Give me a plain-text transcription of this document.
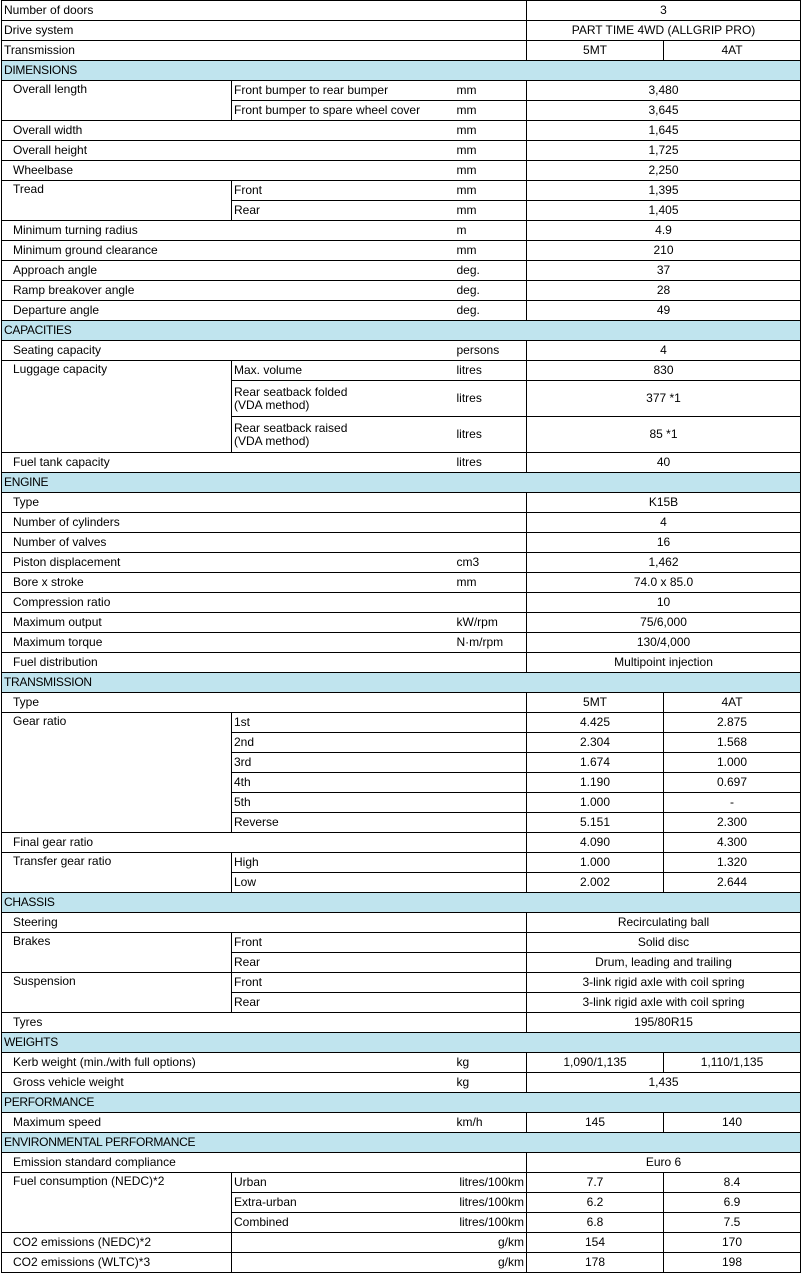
Number of doors			3	
Drive system			PART TIME 4WD (ALLGRIP PRO)	
Transmission			5MT	4AT
DIMENSIONS				
Overall length	Front bumper to rear bumper	mm	3,480	
	Front bumper to spare wheel cover	mm	3,645	
Overall width		mm	1,645	
Overall height		mm	1,725	
Wheelbase		mm	2,250	
Tread	Front	mm	1,395	
	Rear	mm	1,405	
Minimum turning radius		m	4.9	
Minimum ground clearance		mm	210	
Approach angle		deg.	37	
Ramp breakover angle		deg.	28	
Departure angle		deg.	49	
CAPACITIES				
Seating capacity		persons	4	
Luggage capacity	Max. volume	litres	830	
	Rear seatback folded
(VDA method)	litres	377 *1	
	Rear seatback raised
(VDA method)	litres	85 *1	
Fuel tank capacity		litres	40	
ENGINE				
Type			K15B	
Number of cylinders			4	
Number of valves			16	
Piston displacement		cm3	1,462	
Bore x stroke		mm	74.0 x 85.0	
Compression ratio			10	
Maximum output		kW/rpm	75/6,000	
Maximum torque		N·m/rpm	130/4,000	
Fuel distribution			Multipoint injection	
TRANSMISSION				
Type			5MT	4AT
Gear ratio	1st		4.425	2.875
	2nd		2.304	1.568
	3rd		1.674	1.000
	4th		1.190	0.697
	5th		1.000	-
	Reverse		5.151	2.300
Final gear ratio			4.090	4.300
Transfer gear ratio	High		1.000	1.320
	Low		2.002	2.644
CHASSIS				
Steering			Recirculating ball	
Brakes	Front		Solid disc	
	Rear		Drum, leading and trailing	
Suspension	Front		3-link rigid axle with coil spring	
	Rear		3-link rigid axle with coil spring	
Tyres			195/80R15	
WEIGHTS				
Kerb weight (min./with full options)		kg	1,090/1,135	1,110/1,135
Gross vehicle weight		kg	1,435	
PERFORMANCE				
Maximum speed		km/h	145	140
ENVIRONMENTAL PERFORMANCE				
Emission standard compliance			Euro 6	
Fuel consumption (NEDC)*2	Urban	litres/100km	7.7	8.4
	Extra-urban	litres/100km	6.2	6.9
	Combined	litres/100km	6.8	7.5
CO2 emissions (NEDC)*2	g/km		154	170
CO2 emissions (WLTC)*3	g/km		178	198
